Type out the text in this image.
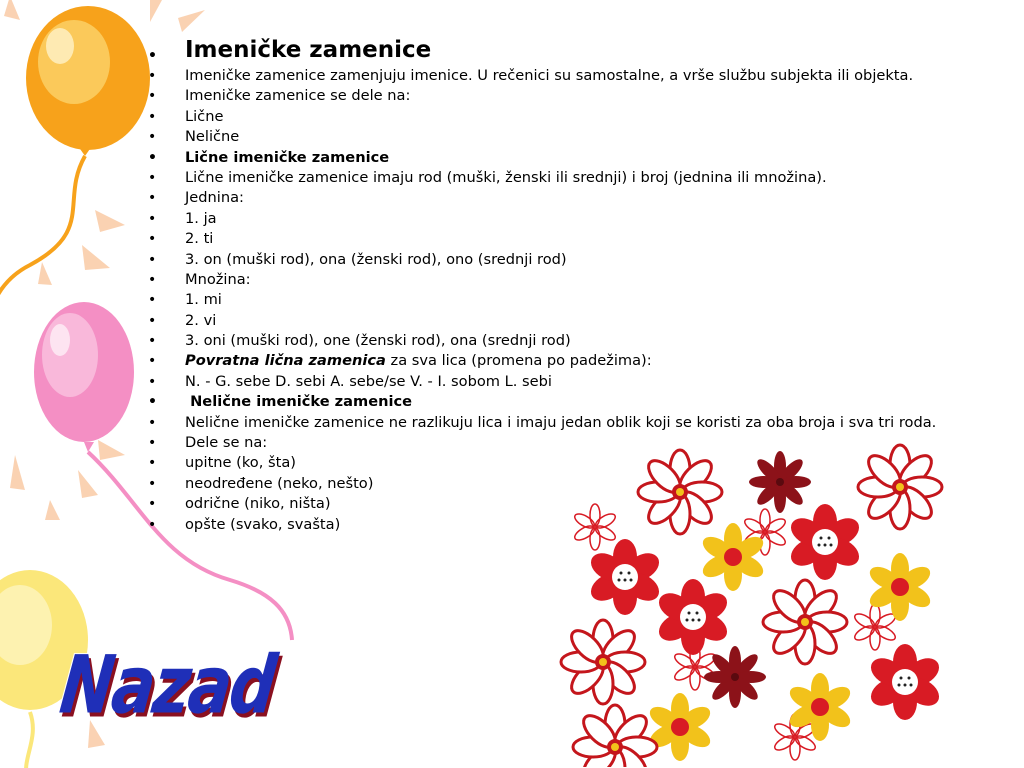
• Imeničke zamenice
• Imeničke zamenice zamenjuju imenice. U rečenici su samostalne, a vrše službu subjekta ili objekta.
• Imeničke zamenice se dele na:
• Lične
• Nelične
• Lične imeničke zamenice
• Lične imeničke zamenice imaju rod (muški, ženski ili srednji) i broj (jednina ili množina).
• Jednina:
• 1. ja
• 2. ti
• 3. on (muški rod), ona (ženski rod), ono (srednji rod)
• Množina:
• 1. mi
• 2. vi
• 3. oni (muški rod), one (ženski rod), ona (srednji rod)
• Povratna lična zamenica za sva lica (promena po padežima):
• N. - G. sebe D. sebi A. sebe/se V. - I. sobom L. sebi
• Nelične imeničke zamenice
• Nelične imeničke zamenice ne razlikuju lica i imaju jedan oblik koji se koristi za oba broja i sva tri roda.
• Dele se na:
• upitne (ko, šta)
• neodređene (neko, nešto)
• odrične (niko, ništa)
• opšte (svako, svašta)
Nazad
